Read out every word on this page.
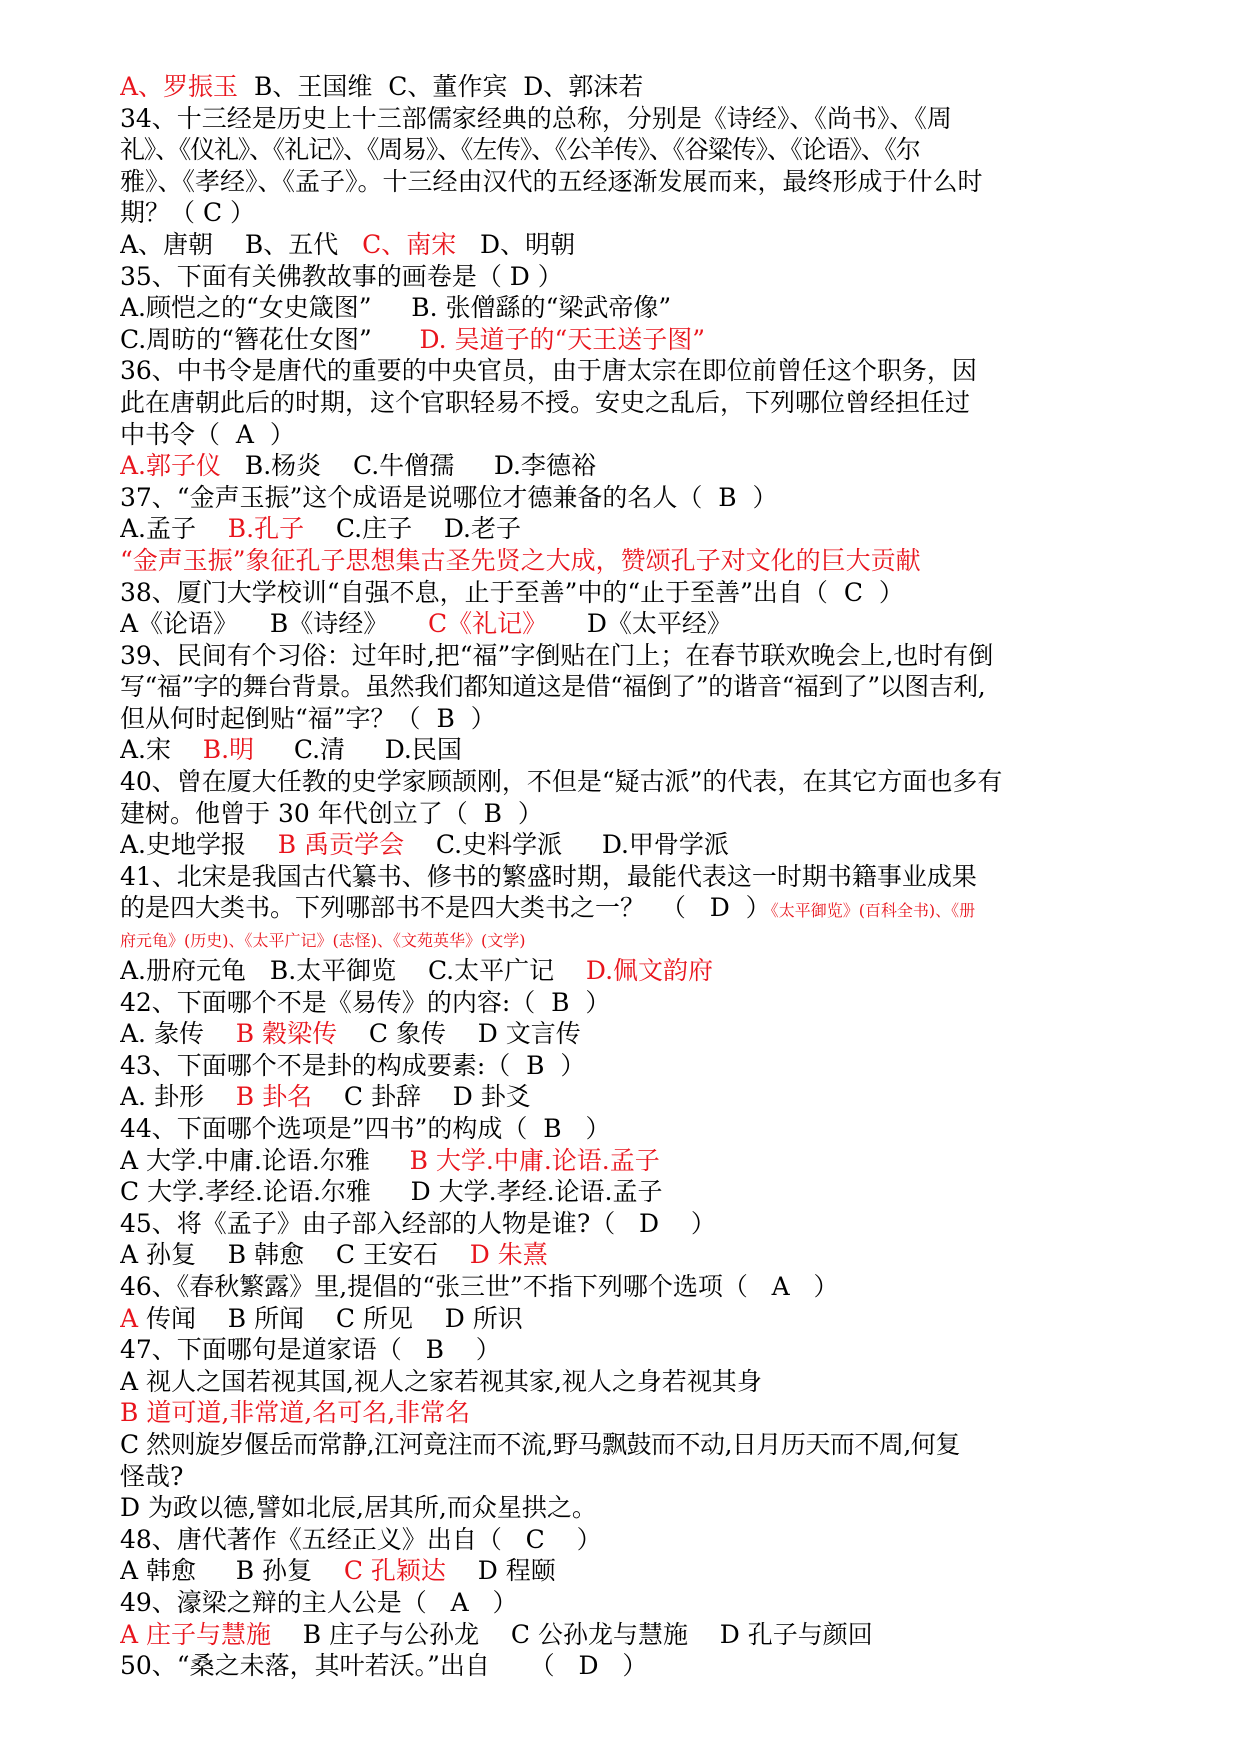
A、罗振玉  B、王国维  C、董作宾  D、郭沫若
34、十三经是历史上十三部儒家经典的总称，分别是《诗经》、《尚书》、《周
礼》、《仪礼》、《礼记》、《周易》、《左传》、《公羊传》、《谷粱传》、《论语》、《尔
雅》、《孝经》、《孟子》。十三经由汉代的五经逐渐发展而来，最终形成于什么时
期？（ C ）
A、唐朝    B、五代   C、南宋   D、明朝
35、下面有关佛教故事的画卷是（ D ）
A.顾恺之的“女史箴图”     B. 张僧繇的“梁武帝像”
C.周昉的“簪花仕女图”      D. 吴道子的“天王送子图”
36、中书令是唐代的重要的中央官员，由于唐太宗在即位前曾任这个职务，因
此在唐朝此后的时期，这个官职轻易不授。安史之乱后，下列哪位曾经担任过
中书令（  A  ）
A.郭子仪   B.杨炎    C.牛僧孺     D.李德裕
37、“金声玉振”这个成语是说哪位才德兼备的名人（  B  ）
A.孟子    B.孔子    C.庄子    D.老子
“金声玉振”象征孔子思想集古圣先贤之大成，赞颂孔子对文化的巨大贡献
38、厦门大学校训“自强不息，止于至善”中的“止于至善”出自（  C  ）
A《论语》    B《诗经》     C《礼记》     D《太平经》
39、民间有个习俗：过年时,把“福”字倒贴在门上；在春节联欢晚会上,也时有倒
写“福”字的舞台背景。虽然我们都知道这是借“福倒了”的谐音“福到了”以图吉利,
但从何时起倒贴“福”字？（  B  ）
A.宋    B.明     C.清     D.民国
40、曾在厦大任教的史学家顾颉刚，不但是“疑古派”的代表，在其它方面也多有
建树。他曾于 30 年代创立了（  B  ）
A.史地学报    B 禹贡学会    C.史料学派     D.甲骨学派
41、北宋是我国古代纂书、修书的繁盛时期，最能代表这一时期书籍事业成果
的是四大类书。下列哪部书不是四大类书之一？  （   D  ）《太平御览》(百科全书)、《册
府元龟》(历史)、《太平广记》(志怪)、《文苑英华》(文学)
A.册府元龟   B.太平御览    C.太平广记    D.佩文韵府
42、下面哪个不是《易传》的内容:（  B  ）
A. 彖传    B 穀梁传    C 象传    D 文言传
43、下面哪个不是卦的构成要素:（  B  ）
A. 卦形    B 卦名    C 卦辞    D 卦爻
44、下面哪个选项是”四书”的构成（  B   ）
A 大学.中庸.论语.尔雅     B 大学.中庸.论语.孟子
C 大学.孝经.论语.尔雅     D 大学.孝经.论语.孟子
45、将《孟子》由子部入经部的人物是谁?（   D    ）
A 孙复    B 韩愈    C 王安石    D 朱熹
46、《春秋繁露》里,提倡的“张三世”不指下列哪个选项（   A   ）
A 传闻    B 所闻    C 所见    D 所识
47、下面哪句是道家语（   B    ）
A 视人之国若视其国,视人之家若视其家,视人之身若视其身
B 道可道,非常道,名可名,非常名
C 然则旋岁偃岳而常静,江河竟注而不流,野马飘鼓而不动,日月历天而不周,何复
怪哉?
D 为政以德,譬如北辰,居其所,而众星拱之。
48、唐代著作《五经正义》出自（   C    ）
A 韩愈     B 孙复    C 孔颖达    D 程颐
49、濠梁之辩的主人公是（   A   ）
A 庄子与慧施    B 庄子与公孙龙    C 公孙龙与慧施    D 孔子与颜回
50、“桑之未落，其叶若沃。”出自     （   D   ）
